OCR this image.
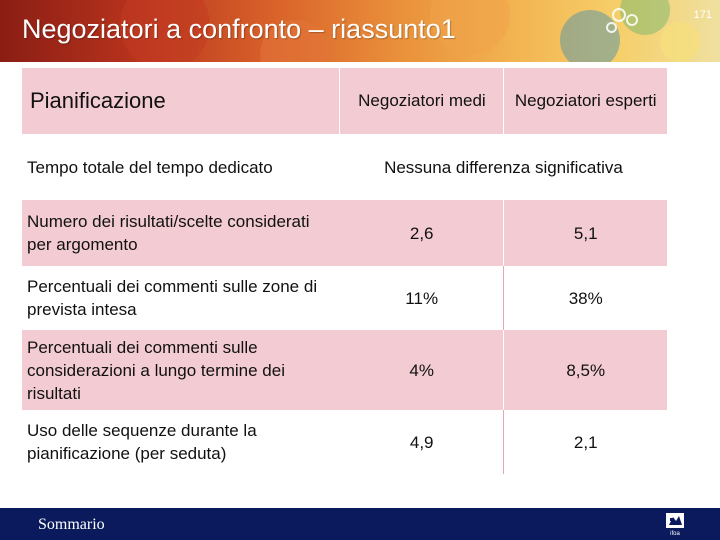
Negoziatori a confronto – riassunto1	171
Pianificazione	Negoziatori medi	Negoziatori esperti
Tempo totale del tempo dedicato	Nessuna differenza significativa	
Numero dei risultati/scelte considerati per argomento	2,6	5,1
Percentuali dei commenti sulle zone di prevista intesa	11%	38%
Percentuali dei commenti sulle considerazioni a lungo termine dei risultati	4%	8,5%
Uso delle sequenze durante la pianificazione (per seduta)	4,9	2,1
Sommario
ifoa
